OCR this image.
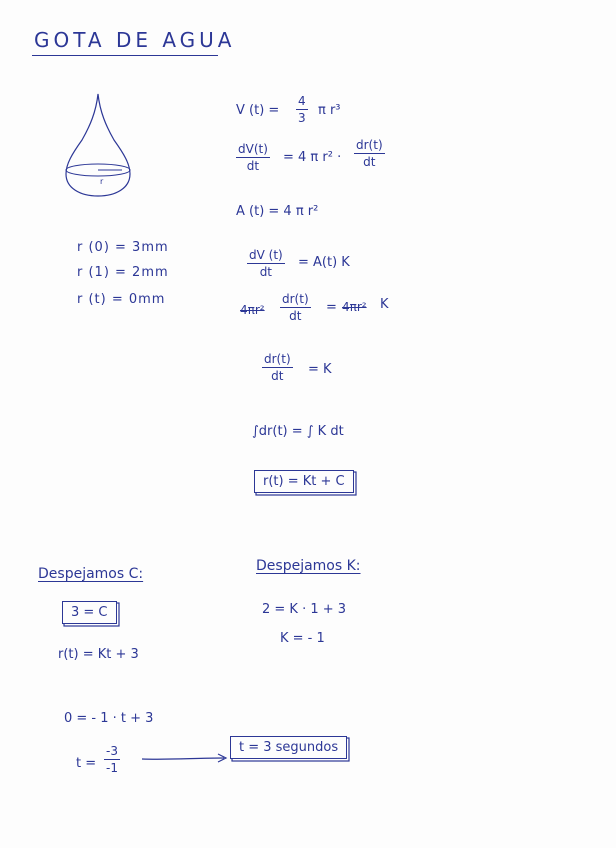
GOTA DE AGUA
r
r (0) = 3mm
r (1) = 2mm
r (t) = 0mm
V $(t) = \frac{4}{3}$ π r³
$\frac{dV(t)}{dt} = 4$ π $r^2 \cdot \frac{dr(t)}{dt}$
A (t) = 4 π r²
$\frac{dV (t)}{dt} = A(t)$ K
$4\pi r^2 \frac{dr(t)}{dt} = 4\pi r^2$ K
$\frac{dr(t)}{dt} = K$
∫dr(t) = ∫ K dt
r(t) = Kt + C
Despejamos C:
3 = C
r(t) = Kt + 3
Despejamos K:
2 = K · 1 + 3
K = - 1
0 = - 1 · t + 3
$t = \frac{-3}{-1}$	t = 3 segundos
